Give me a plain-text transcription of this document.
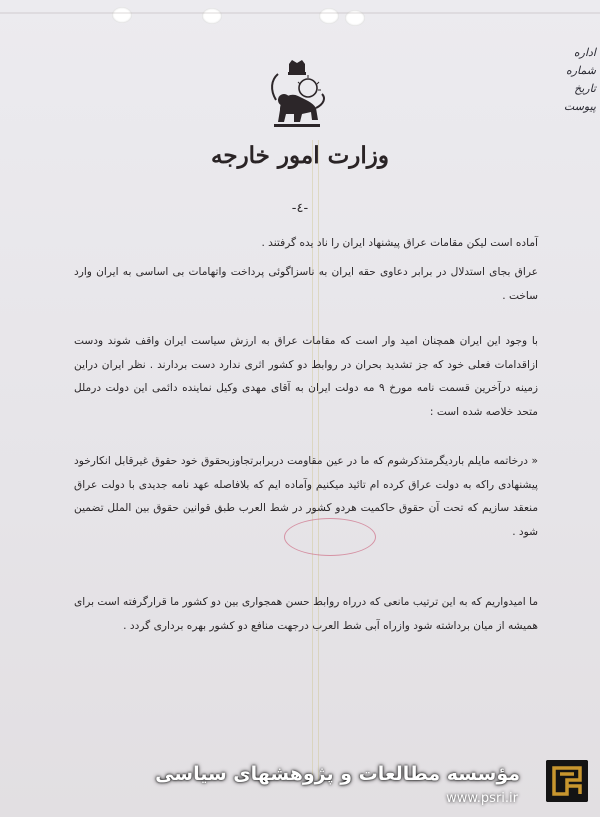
وزارت امور خارجه
اداره
شماره
تاریخ
پیوست
-٤-
آماده است لیکن مقامات عراق پیشنهاد ایران را ناد یده گرفتند .
عراق بجای استدلال در برابر دعاوی حقه ایران به ناسزاگوئی پرداخت واتهامات بی اساسی به ایران وارد ساخت .
با وجود این ایران همچنان امید وار است که مقامات عراق به ارزش سیاست ایران واقف شوند ودست ازاقدامات فعلی خود که جز تشدید بحران در روابط دو کشور اثری ندارد دست بردارند . نظر ایران دراین زمینه درآخرین قسمت نامه مورخ ۹ مه دولت ایران به آقای مهدی وکیل نماینده دائمی این دولت درملل متحد خلاصه شده است :
« درخاتمه مایلم باردیگرمتذکرشوم که ما در عین مقاومت دربرابرتجاوزبحقوق خود حقوق غیرقابل انکارخود پیشنهادی راکه به دولت عراق کرده ام تائید میکنیم وآماده ایم که بلافاصله عهد نامه جدیدی با دولت عراق منعقد سازیم که تحت آن حقوق حاکمیت هردو کشور در شط العرب طبق قوانین حقوق بین الملل تضمین شود .
ما امیدواریم که به این ترتیب مانعی که درراه روابط حسن همجواری بین دو کشور ما قرارگرفته است برای همیشه از میان برداشته شود وازراه آبی شط العرب درجهت منافع دو کشور بهره برداری گردد .
مؤسسه مطالعات و پژوهشهای سیاسی
www.psri.ir
